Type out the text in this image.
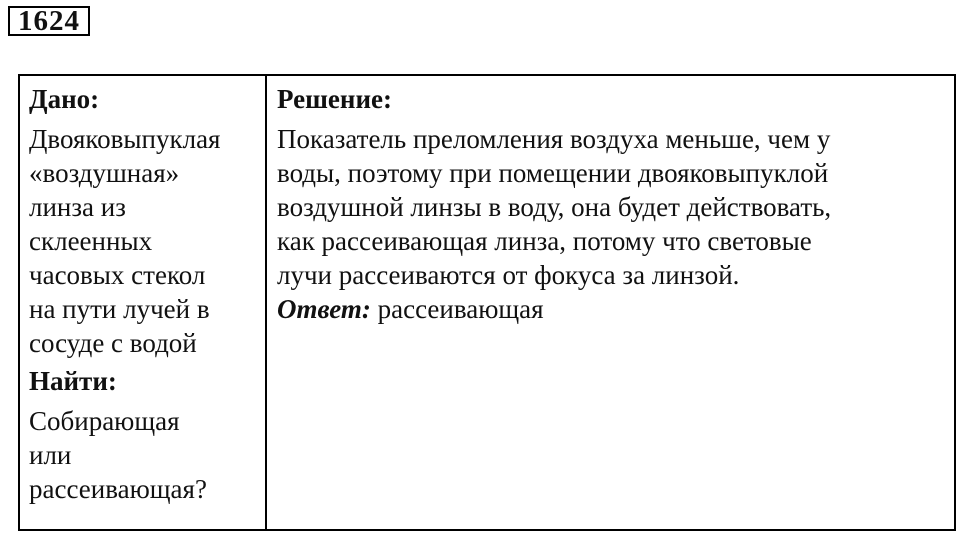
1624

Дано:

Двояковыпуклая
«воздушная»
линза из
склеенных
часовых стекол
на пути лучей в
сосуде с водой

Найти:

Собирающая
или
рассеивающая?

Решение:

Показатель преломления воздуха меньше, чем у
воды, поэтому при помещении двояковыпуклой
воздушной линзы в воду, она будет действовать,
как рассеивающая линза, потому что световые
лучи рассеиваются от фокуса за линзой.

Ответ: рассеивающая
